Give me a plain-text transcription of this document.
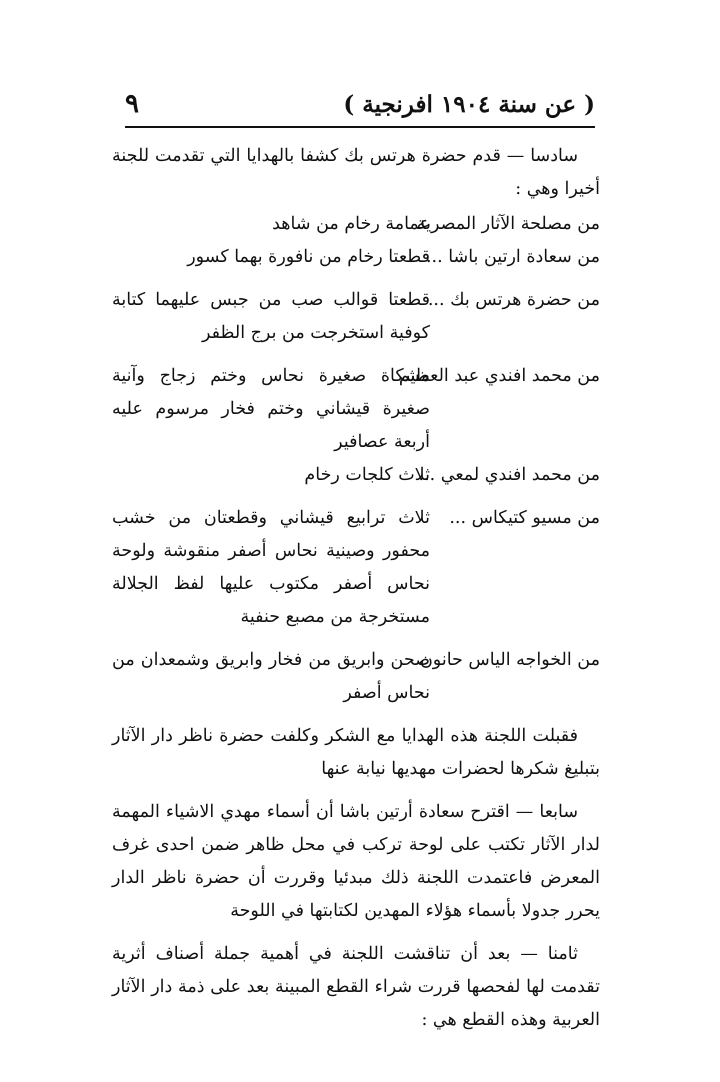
٩	( عن سنة ١٩٠٤ افرنجية )

سادسا — قدم حضرة هرتس بك كشفا بالهدايا التي تقدمت للجنة أخيرا وهي :

من مصلحة الآثار المصرية
عمامة رخام من شاهد
من سعادة ارتين باشا ...
قطعتا رخام من نافورة بهما كسور
من حضرة هرتس بك ...
قطعتا قوالب صب من جبس عليهما كتابة كوفية استخرجت من برج الظفر
من محمد افندي عبد العظيم
مشكاة صغيرة نحاس وختم زجاج وآنية صغيرة قيشاني وختم فخار مرسوم عليه أربعة عصافير
من محمد افندي لمعي ...
ثلاث كلجات رخام
من مسيو كتيكاس ...
ثلاث ترابيع قيشاني وقطعتان من خشب محفور وصينية نحاس أصفر منقوشة ولوحة نحاس أصفر مكتوب عليها لفظ الجلالة مستخرجة من مصبع حنفية
من الخواجه الياس حانون
صحن وابريق من فخار وابريق وشمعدان من نحاس أصفر

فقبلت اللجنة هذه الهدايا مع الشكر وكلفت حضرة ناظر دار الآثار بتبليغ شكرها لحضرات مهديها نيابة عنها

سابعا — اقترح سعادة أرتين باشا أن أسماء مهدي الاشياء المهمة لدار الآثار تكتب على لوحة تركب في محل ظاهر ضمن احدى غرف المعرض فاعتمدت اللجنة ذلك مبدئيا وقررت أن حضرة ناظر الدار يحرر جدولا بأسماء هؤلاء المهدين لكتابتها في اللوحة

ثامنا — بعد أن تناقشت اللجنة في أهمية جملة أصناف أثرية تقدمت لها لفحصها قررت شراء القطع المبينة بعد على ذمة دار الآثار العربية وهذه القطع هي :
